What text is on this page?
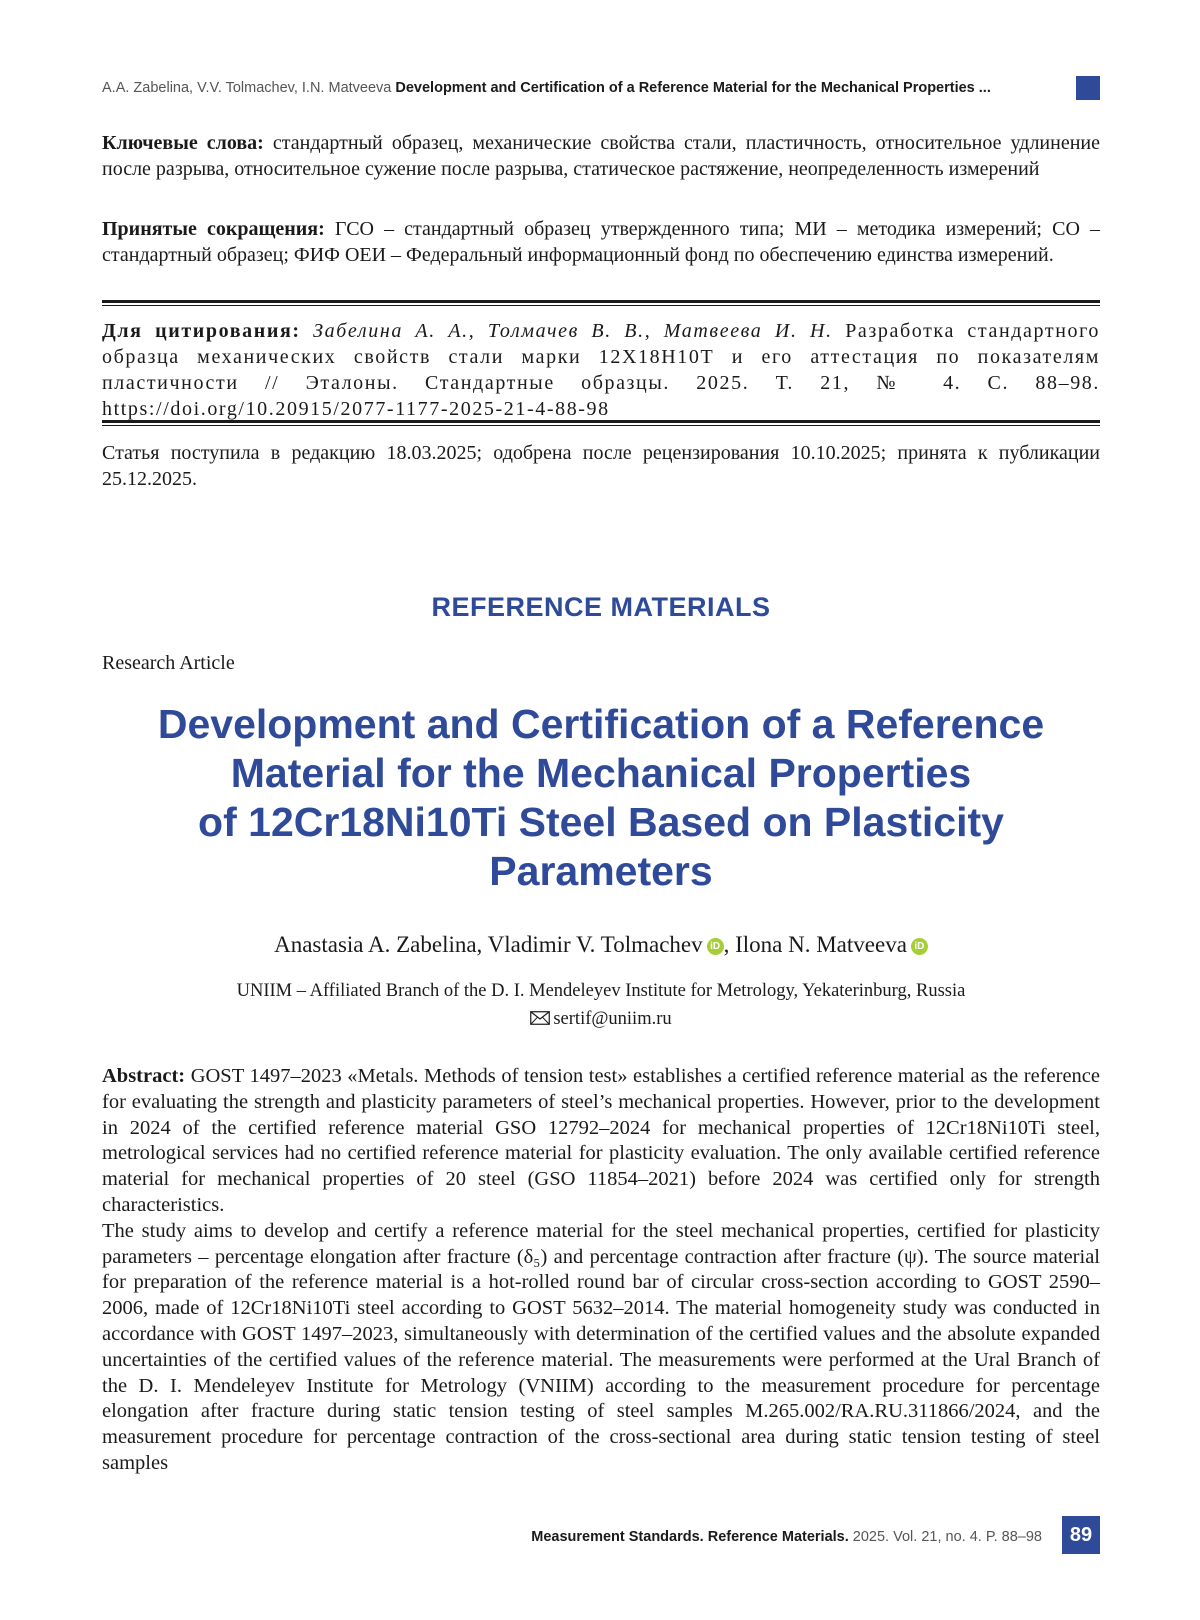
A.A. Zabelina, V.V. Tolmachev, I.N. Matveeva Development and Certification of a Reference Material for the Mechanical Properties ...
Ключевые слова: стандартный образец, механические свойства стали, пластичность, относительное удлинение после разрыва, относительное сужение после разрыва, статическое растяжение, неопределенность измерений
Принятые сокращения: ГСО – стандартный образец утвержденного типа; МИ – методика измерений; СО – стандартный образец; ФИФ ОЕИ – Федеральный информационный фонд по обеспечению единства измерений.
Для цитирования: Забелина А. А., Толмачев В. В., Матвеева И. Н. Разработка стандартного образца механических свойств стали марки 12Х18Н10Т и его аттестация по показателям пластичности // Эталоны. Стандартные образцы. 2025. Т. 21, № 4. С. 88–98. https://doi.org/10.20915/2077-1177-2025-21-4-88-98
Статья поступила в редакцию 18.03.2025; одобрена после рецензирования 10.10.2025; принята к публикации 25.12.2025.
REFERENCE MATERIALS
Research Article
Development and Certification of a Reference
Material for the Mechanical Properties
of 12Cr18Ni10Ti Steel Based on Plasticity
Parameters
Anastasia A. Zabelina, Vladimir V. Tolmachev iD , Ilona N. Matveeva iD
UNIIM – Affiliated Branch of the D. I. Mendeleyev Institute for Metrology, Yekaterinburg, Russia
sertif@uniim.ru

Abstract: GOST 1497–2023 «Metals. Methods of tension test» establishes a certified reference material as the reference for evaluating the strength and plasticity parameters of steel’s mechanical properties. However, prior to the development in 2024 of the certified reference material GSO 12792–2024 for mechanical properties of 12Cr18Ni10Ti steel, metrological services had no certified reference material for plasticity evaluation. The only available certified reference material for mechanical properties of 20 steel (GSO 11854–2021) before 2024 was certified only for strength characteristics.

The study aims to develop and certify a reference material for the steel mechanical properties, certified for plasticity parameters – percentage elongation after fracture (δ₅) and percentage contraction after fracture (ψ). The source material for preparation of the reference material is a hot-rolled round bar of circular cross-section according to GOST 2590–2006, made of 12Cr18Ni10Ti steel according to GOST 5632–2014. The material homogeneity study was conducted in accordance with GOST 1497–2023, simultaneously with determination of the certified values and the absolute expanded uncertainties of the certified values of the reference material. The measurements were performed at the Ural Branch of the D. I. Mendeleyev Institute for Metrology (VNIIM) according to the measurement procedure for percentage elongation after fracture during static tension testing of steel samples M.265.002/RA.RU.311866/2024, and the measurement procedure for percentage contraction of the cross-sectional area during static tension testing of steel samples

Measurement Standards. Reference Materials. 2025. Vol. 21, no. 4. P. 88–98	89
